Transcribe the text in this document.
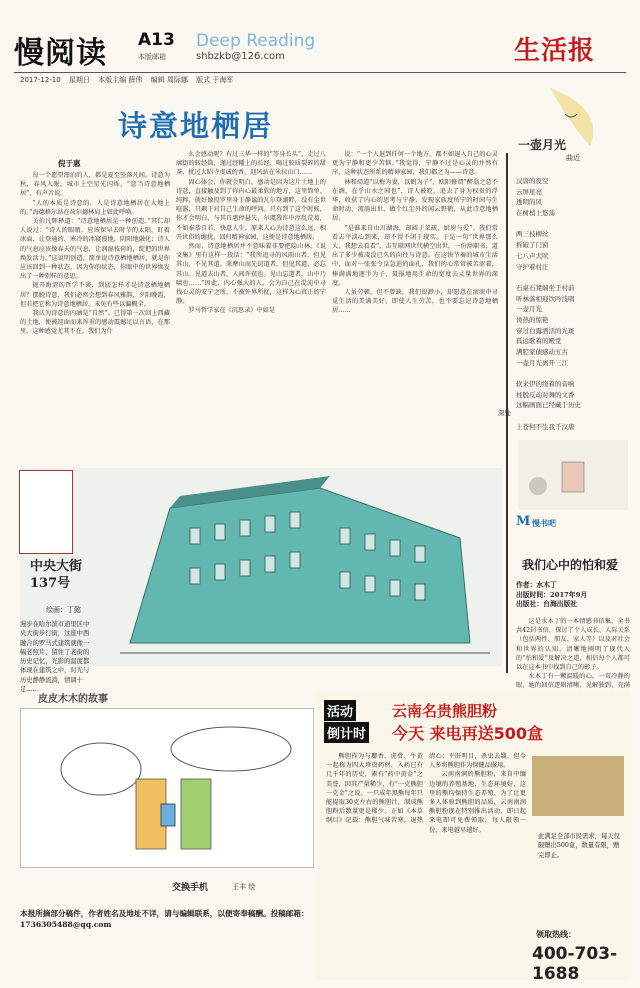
慢阅读 A13
本版邮箱
Deep Reading
shbzkb@126.com	生活报
2017-12-10 星期日 本版主编 薛伟 编辑 周际娜 版式 于海军
诗意地栖居
倪于惠

每一个愿望漂泊的人，都是夏至坠落凡间。诗意为秋，春风入眠，城市上空星光闪烁，“意当诗意地栖居”，有声音说。

“人的本质是诗意的，人是诗意地栖居在大地上的。”海德格尔站在荷尔德林肩上如此呼唤。

关伯凡辉释道：“诗意地栖居是一种创造。”其仁却人说过：“诗人的眼睛，应该保早去时节的太阳，盯着冰面，让登通的、寒冷的冰寝漫地，阴阳地融化；诗人的气息应该像春天的气息，让润湿枝荷的，绽把的世界焕发活力。”这说明创造，简单说诗意栖地栖居，就是你应该回到一种状态，因为你的状态，你眼中的世界焕发出了一种别样的意思。

抛开晦涩的哲学不谈，到底怎样才是诗意栖地栖居？摆脱诗意，我们必然会想到春风雅韵，夕阳晚霞，但若把它称为诗意地栖居，未免有些以偏概全。

我认为诗意的内涵是“自然”。已得第一次回上西藏的土地，便被迎面而来浑重的感动震撼足以言语，在那里，这种感觉尤其不在。我们为什

么会感动呢？有过三华一样的“等身长头”，走过八廓街的转经筒，谨过经幡上的长经，喝过胶质裂碎的甜茶，扰过大昭寺虔诚的香，迎风站在米拉山口……

固心体会，你就会明白，感动是因为这片土地上的诗意，直接触及到了你内心最柔软的地方，这里简单、纯粹，就好像投罗里身于静谧的瓦尔登湖畔，没有尘世喧嚣，只剩下对自己生命的呼问。只有到了这个时候，你才会明白，与其自惠停悬失，尔虞我诈中淳乱荒葛，不如奉恭自若、快意人生。原来人心为诗意这么远，相开世俗的缠扰，回归精神家园，这便是诗意地栖居。

然而，诗意地栖居并不意味着非要把隐山林。《说文集》里有这样一段话：“我所追寻的风雨山者，但见其山，不见其道。来摩山而先识道者，但见其道，必忘其山。见道去山者，人间许获也。见山忘道者，山中乃啸也……”因此，内心强大的人，会为自己在混沌中寻找心灵的安宁之所，不被外界所扰，这样为心真正的宁静。

罗马哲学家在《沉思录》中如是

说：“一个人退到任何一个地方，都不如退入自己的心灵更为宁静和更少苦恼。”我觉得，宁静不过是心灵的并然有序，这种状态所系的精神家园，我们都之为——诗意。

林和靖道“以梅为妻，以鹤为子”，欧阳修谓“醉翁之意不在酒，在乎山水之间也”，诗人被贬，追去了身为权贵的浮华，收获了内心的思考与宁静，发现家族度所宁的时间与生命时动，流淌出世，做个红尘外的闲云野鹤，从此诗意地栖居。

“是谁来自山川湖海，却圆于菜疏，厨房与爱”。我们常看去平淡心到来，却不得不闭于现实。于是一句“世界那么大，我想去看看”，击互联网世代横空出世，一份辞职书，道出了多少被凌没已久的向往与诗意。在这快节奏的城市生活中，面对一张张令皇急迫的面孔，我们的心常常被苦涩着，捧满满地逐半为子，聂报地用生命的宽度去丈量世界的深度。

人虽劳顿，但不曾缺。我们很渺小，却愿意在滚滚中寻觅生活的美满美好，即使人生劳苦，也不要忘记诗意地栖居……

一壶月光
曲近
汉唐的夜空
云屏星亮
透明的风
在树梢上悠荡
两三枝柳丝
拆破了门窗
七八声犬吠
守护着村庄
石桌石凳端坐于村前
听林落相迎饮吟浅唱
一壶月光
烫热的惊艳
穿过白露洒活的光斑
孤远歌着的殿堂
满腔家债感动五古
一壶月光离开三江
软来伊的绕着的音响
柱脱反动对舞的文香
这幅画面已经藏于历史
深处
上苍何不生我千汉唐
中央大街
137号
绘画：丁懿
漫步在哈尔滨市道里区中央大街步行街，这座中西融合的罗马式建筑就像一幅老照片，留住了老街的历史记忆，光影的温度都体现在建筑之中，时光与历史静静流淌，情调十足……
M 慢书吧
我们心中的怕和爱
作者：水木丁
出版时间：2017年9月
出版社：台海出版社

这是水木丁的一本情感书信集，全书共42封书信，探讨了个人成长、人际关系（包括两性、朋友、家人等）以及对社会和世界的认知。清晰地阐明了现代人的“怕和爱”及解决之道，相信每个人都可以在这本书中找到自己的影子。

水木丁有一颗温暖的心，一双冷静的眼，她的回信逻辑清晰，见解独到，充满

皮皮木木的故事
交换手机	王丰 绘
本报所摘部分稿件，作者姓名及地址不详，请与编辑联系，以便寄奉稿酬。投稿邮箱：1736305488@qq.com
活动
倒计时
云南名贵熊胆粉
今天 来电再送500盒

熊胆作为与麝香、虎骨、牛黄一起称为四大珍贵药材，入药已有几千年的历史，素有“药中黄金”之美誉，因其产量稀少，有“一克熊胆一克金”之说。一只成年黑熊每年只能提取30克左右的熊胆汁，制成熊胆粉后数量更是稀少。正如《本草纲目》记载：熊胆气味苦寒，退热清心；平肝明目，杀虫去翳。但今人多将熊胆作为保健品服用。

云南南润的熊胆粉，来自中缅边境的养殖基地，生态环境好，这里的熊均保持生态养殖，为了让更多人体验到熊胆的品质，云南南润熊胆粉现在特别推出活动，即日起来电即可免费领取，每人限领一份，来电越早越好。

此满足全部市民需求，每天仅限赠出500盒，数量有限，赠完即止。
领取热线：
400-703-1688
